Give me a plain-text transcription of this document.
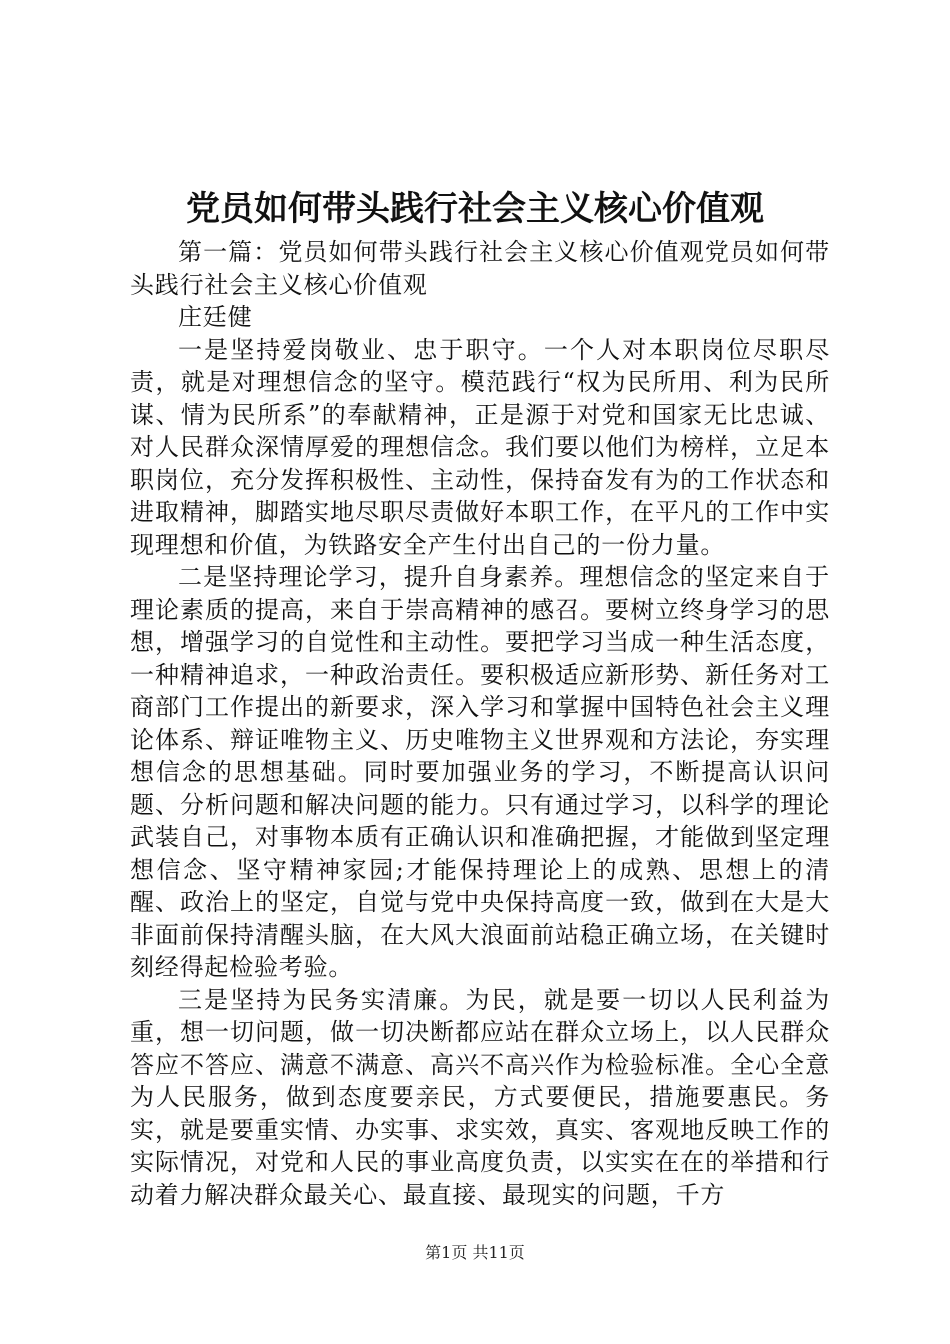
党员如何带头践行社会主义核心价值观

第一篇：党员如何带头践行社会主义核心价值观党员如何带头践行社会主义核心价值观

庄廷健

一是坚持爱岗敬业、忠于职守。一个人对本职岗位尽职尽责，就是对理想信念的坚守。模范践行“权为民所用、利为民所谋、情为民所系”的奉献精神，正是源于对党和国家无比忠诚、对人民群众深情厚爱的理想信念。我们要以他们为榜样，立足本职岗位，充分发挥积极性、主动性，保持奋发有为的工作状态和进取精神，脚踏实地尽职尽责做好本职工作，在平凡的工作中实现理想和价值，为铁路安全产生付出自己的一份力量。

二是坚持理论学习，提升自身素养。理想信念的坚定来自于理论素质的提高，来自于崇高精神的感召。要树立终身学习的思想，增强学习的自觉性和主动性。要把学习当成一种生活态度，一种精神追求，一种政治责任。要积极适应新形势、新任务对工商部门工作提出的新要求，深入学习和掌握中国特色社会主义理论体系、辩证唯物主义、历史唯物主义世界观和方法论，夯实理想信念的思想基础。同时要加强业务的学习，不断提高认识问题、分析问题和解决问题的能力。只有通过学习，以科学的理论武装自己，对事物本质有正确认识和准确把握，才能做到坚定理想信念、坚守精神家园;才能保持理论上的成熟、思想上的清醒、政治上的坚定，自觉与党中央保持高度一致，做到在大是大非面前保持清醒头脑，在大风大浪面前站稳正确立场，在关键时刻经得起检验考验。

三是坚持为民务实清廉。为民，就是要一切以人民利益为重，想一切问题，做一切决断都应站在群众立场上，以人民群众答应不答应、满意不满意、高兴不高兴作为检验标准。全心全意为人民服务，做到态度要亲民，方式要便民，措施要惠民。务实，就是要重实情、办实事、求实效，真实、客观地反映工作的实际情况，对党和人民的事业高度负责，以实实在在的举措和行动着力解决群众最关心、最直接、最现实的问题，千方

第1页 共11页
